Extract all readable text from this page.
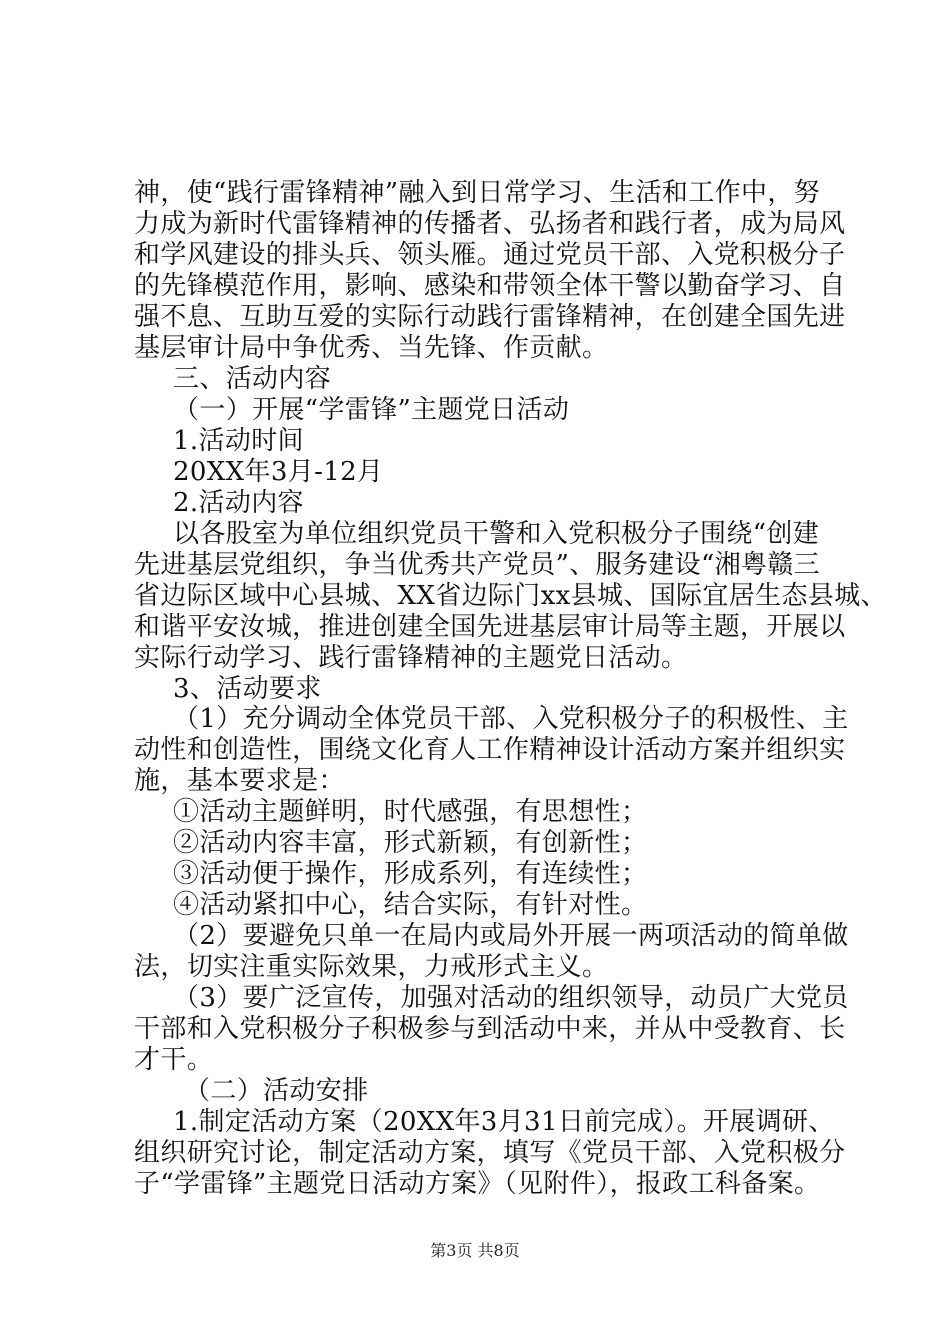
神，使“践行雷锋精神”融入到日常学习、生活和工作中，努
力成为新时代雷锋精神的传播者、弘扬者和践行者，成为局风
和学风建设的排头兵、领头雁。通过党员干部、入党积极分子
的先锋模范作用，影响、感染和带领全体干警以勤奋学习、自
强不息、互助互爱的实际行动践行雷锋精神，在创建全国先进
基层审计局中争优秀、当先锋、作贡献。
三、活动内容
（一）开展“学雷锋”主题党日活动
1.活动时间
20XX年3月-12月
2.活动内容
以各股室为单位组织党员干警和入党积极分子围绕“创建
先进基层党组织，争当优秀共产党员”、服务建设“湘粤赣三
省边际区域中心县城、XX省边际门xx县城、国际宜居生态县城、
和谐平安汝城，推进创建全国先进基层审计局等主题，开展以
实际行动学习、践行雷锋精神的主题党日活动。
3、活动要求
（1）充分调动全体党员干部、入党积极分子的积极性、主
动性和创造性，围绕文化育人工作精神设计活动方案并组织实
施，基本要求是：
①活动主题鲜明，时代感强，有思想性；
②活动内容丰富，形式新颖，有创新性；
③活动便于操作，形成系列，有连续性；
④活动紧扣中心，结合实际，有针对性。
（2）要避免只单一在局内或局外开展一两项活动的简单做
法，切实注重实际效果，力戒形式主义。
（3）要广泛宣传，加强对活动的组织领导，动员广大党员
干部和入党积极分子积极参与到活动中来，并从中受教育、长
才干。
（二）活动安排
1.制定活动方案（20XX年3月31日前完成）。开展调研、
组织研究讨论，制定活动方案，填写《党员干部、入党积极分
子“学雷锋”主题党日活动方案》（见附件），报政工科备案。
第3页 共8页
